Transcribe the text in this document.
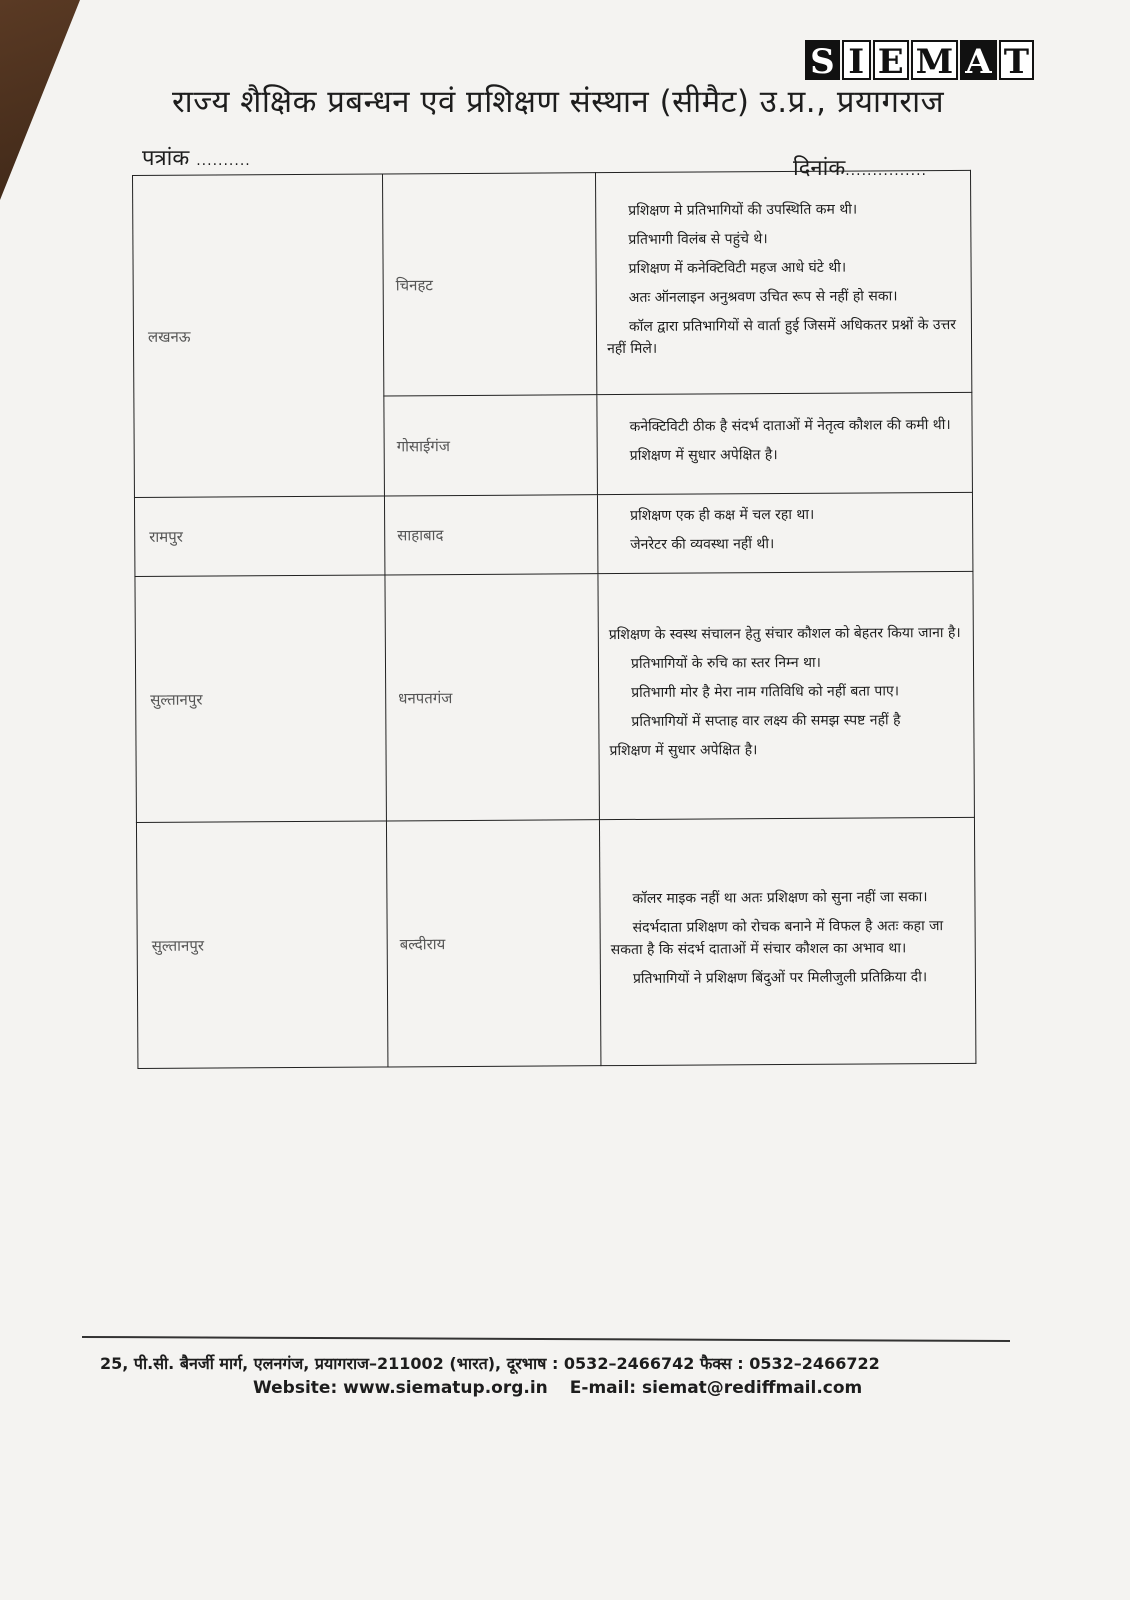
S I E M A T
राज्य शैक्षिक प्रबन्धन एवं प्रशिक्षण संस्थान (सीमैट) उ.प्र., प्रयागराज
पत्रांक ..........	दिनांक...............
लखनऊ	चिनहट	प्रशिक्षण मे प्रतिभागियों की उपस्थिति कम थी।

प्रतिभागी विलंब से पहुंचे थे।

प्रशिक्षण में कनेक्टिविटी महज आधे घंटे थी।

अतः ऑनलाइन अनुश्रवण उचित रूप से नहीं हो सका।

कॉल द्वारा प्रतिभागियों से वार्ता हुई जिसमें अधिकतर प्रश्नों के उत्तर नहीं मिले।

	गोसाईगंज	कनेक्टिविटी ठीक है संदर्भ दाताओं में नेतृत्व कौशल की कमी थी।

प्रशिक्षण में सुधार अपेक्षित है।

रामपुर	साहाबाद	प्रशिक्षण एक ही कक्ष में चल रहा था।

जेनरेटर की व्यवस्था नहीं थी।

सुल्तानपुर	धनपतगंज	प्रशिक्षण के स्वस्थ संचालन हेतु संचार कौशल को बेहतर किया जाना है।

प्रतिभागियों के रुचि का स्तर निम्न था।

प्रतिभागी मोर है मेरा नाम गतिविधि को नहीं बता पाए।

प्रतिभागियों में सप्ताह वार लक्ष्य की समझ स्पष्ट नहीं है

प्रशिक्षण में सुधार अपेक्षित है।

सुल्तानपुर	बल्दीराय	कॉलर माइक नहीं था अतः प्रशिक्षण को सुना नहीं जा सका।

संदर्भदाता प्रशिक्षण को रोचक बनाने में विफल है अतः कहा जा सकता है कि संदर्भ दाताओं में संचार कौशल का अभाव था।

प्रतिभागियों ने प्रशिक्षण बिंदुओं पर मिलीजुली प्रतिक्रिया दी।

25, पी.सी. बैनर्जी मार्ग, एलनगंज, प्रयागराज–211002 (भारत), दूरभाष : 0532–2466742 फैक्स : 0532–2466722
Website: www.siematup.org.in E-mail: siemat@rediffmail.com
